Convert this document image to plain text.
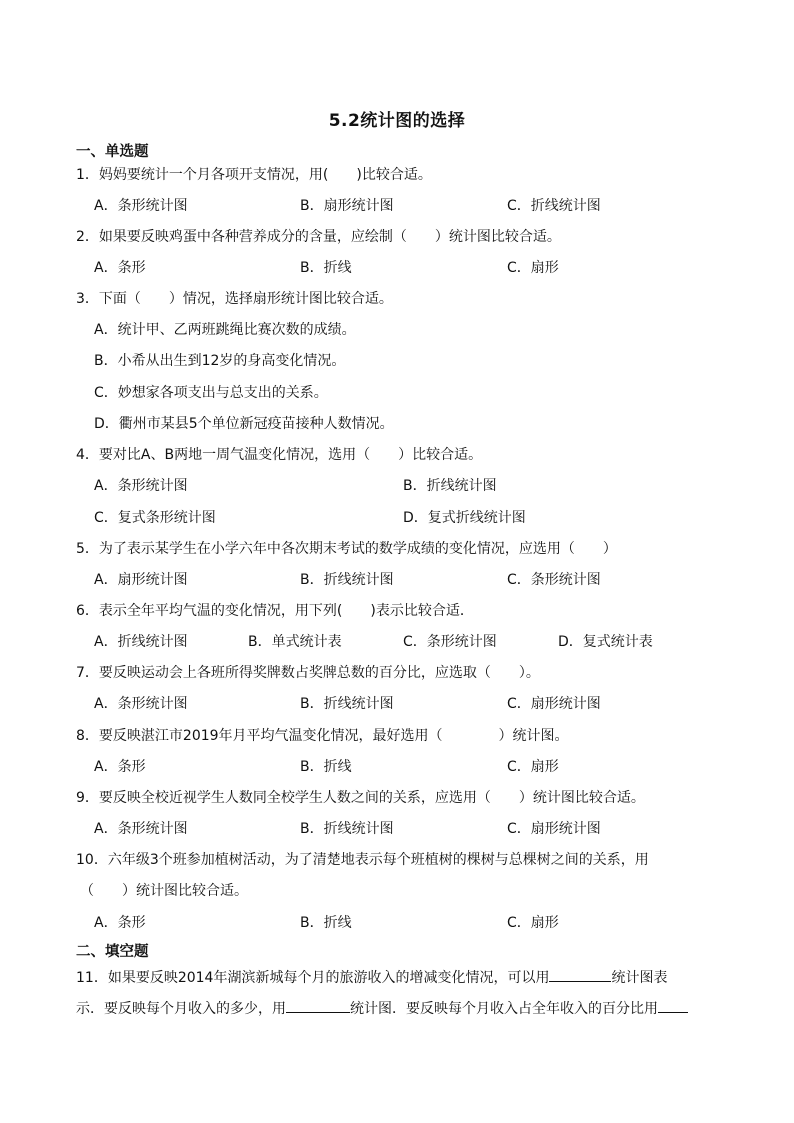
5.2统计图的选择
一、单选题
1．妈妈要统计一个月各项开支情况，用(　　)比较合适。
A．条形统计图	B．扇形统计图	C．折线统计图
2．如果要反映鸡蛋中各种营养成分的含量，应绘制（　　）统计图比较合适。
A．条形	B．折线	C．扇形
3．下面（　　）情况，选择扇形统计图比较合适。
A．统计甲、乙两班跳绳比赛次数的成绩。
B．小希从出生到12岁的身高变化情况。
C．妙想家各项支出与总支出的关系。
D．衢州市某县5个单位新冠疫苗接种人数情况。
4．要对比A、B两地一周气温变化情况，选用（　　）比较合适。
A．条形统计图	B．折线统计图
C．复式条形统计图	D．复式折线统计图
5．为了表示某学生在小学六年中各次期末考试的数学成绩的变化情况，应选用（　　）
A．扇形统计图	B．折线统计图	C．条形统计图
6．表示全年平均气温的变化情况，用下列(　　)表示比较合适．
A．折线统计图	B．单式统计表	C．条形统计图	D．复式统计表
7．要反映运动会上各班所得奖牌数占奖牌总数的百分比，应选取（　　）。
A．条形统计图	B．折线统计图	C．扇形统计图
8．要反映湛江市2019年月平均气温变化情况，最好选用（　　　　）统计图。
A．条形	B．折线	C．扇形
9．要反映全校近视学生人数同全校学生人数之间的关系，应选用（　　）统计图比较合适。
A．条形统计图	B．折线统计图	C．扇形统计图
10．六年级3个班参加植树活动，为了清楚地表示每个班植树的棵树与总棵树之间的关系，用
（　　）统计图比较合适。
A．条形	B．折线	C．扇形
二、填空题
11．如果要反映2014年湖滨新城每个月的旅游收入的增减变化情况，可以用	统计图表
示．要反映每个月收入的多少，用	统计图．要反映每个月收入占全年收入的百分比用
